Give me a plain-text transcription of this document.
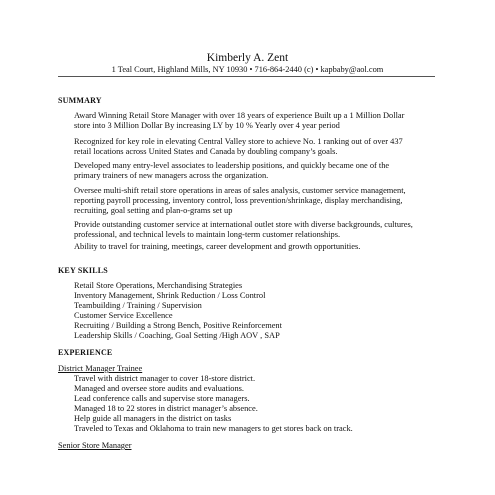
Kimberly A. Zent
1 Teal Court, Highland Mills, NY 10930 • 716-864-2440 (c) • kapbaby@aol.com
SUMMARY
Award Winning Retail Store Manager with over 18 years of experience Built up a 1 Million Dollar
store into 3 Million Dollar By increasing LY by 10 % Yearly over 4 year period
Recognized for key role in elevating Central Valley store to achieve No. 1 ranking out of over 437
retail locations across United States and Canada by doubling company’s goals.
Developed many entry-level associates to leadership positions, and quickly became one of the
primary trainers of new managers across the organization.
Oversee multi-shift retail store operations in areas of sales analysis, customer service management,
reporting payroll processing, inventory control, loss prevention/shrinkage, display merchandising,
recruiting, goal setting and plan-o-grams set up
Provide outstanding customer service at international outlet store with diverse backgrounds, cultures,
professional, and technical levels to maintain long-term customer relationships.
Ability to travel for training, meetings, career development and growth opportunities.
KEY SKILLS
Retail Store Operations, Merchandising Strategies
Inventory Management, Shrink Reduction / Loss Control
Teambuilding / Training / Supervision
Customer Service Excellence
Recruiting / Building a Strong Bench, Positive Reinforcement
Leadership Skills / Coaching, Goal Setting /High AOV , SAP
EXPERIENCE
District Manager Trainee
Travel with district manager to cover 18-store district.
Managed and oversee store audits and evaluations.
Lead conference calls and supervise store managers.
Managed 18 to 22 stores in district manager’s absence.
Help guide all managers in the district on tasks
Traveled to Texas and Oklahoma to train new managers to get stores back on track.
Senior Store Manager
